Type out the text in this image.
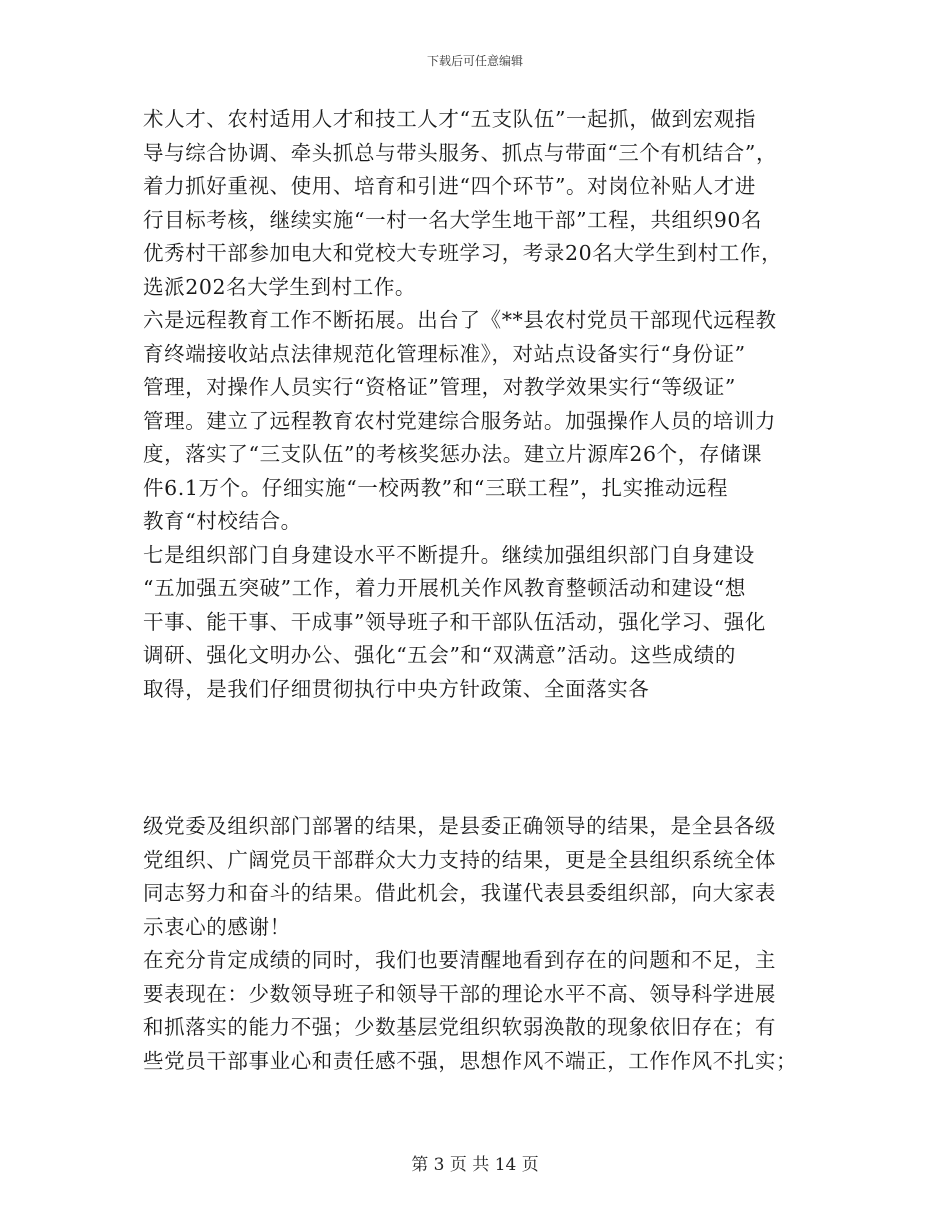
下载后可任意编辑
术人才、农村适用人才和技工人才“五支队伍”一起抓，做到宏观指
导与综合协调、牵头抓总与带头服务、抓点与带面“三个有机结合”，
着力抓好重视、使用、培育和引进“四个环节”。对岗位补贴人才进
行目标考核，继续实施“一村一名大学生地干部”工程，共组织90名
优秀村干部参加电大和党校大专班学习，考录20名大学生到村工作，
选派202名大学生到村工作。
六是远程教育工作不断拓展。出台了《**县农村党员干部现代远程教
育终端接收站点法律规范化管理标准》，对站点设备实行“身份证”
管理，对操作人员实行“资格证”管理，对教学效果实行“等级证”
管理。建立了远程教育农村党建综合服务站。加强操作人员的培训力
度，落实了“三支队伍”的考核奖惩办法。建立片源库26个，存储课
件6.1万个。仔细实施“一校两教”和“三联工程”，扎实推动远程
教育“村校结合。
七是组织部门自身建设水平不断提升。继续加强组织部门自身建设
“五加强五突破”工作，着力开展机关作风教育整顿活动和建设“想
干事、能干事、干成事”领导班子和干部队伍活动，强化学习、强化
调研、强化文明办公、强化“五会”和“双满意”活动。这些成绩的
取得，是我们仔细贯彻执行中央方针政策、全面落实各
级党委及组织部门部署的结果，是县委正确领导的结果，是全县各级
党组织、广阔党员干部群众大力支持的结果，更是全县组织系统全体
同志努力和奋斗的结果。借此机会，我谨代表县委组织部，向大家表
示衷心的感谢！
在充分肯定成绩的同时，我们也要清醒地看到存在的问题和不足，主
要表现在：少数领导班子和领导干部的理论水平不高、领导科学进展
和抓落实的能力不强；少数基层党组织软弱涣散的现象依旧存在；有
些党员干部事业心和责任感不强，思想作风不端正，工作作风不扎实；
第 3 页 共 14 页
